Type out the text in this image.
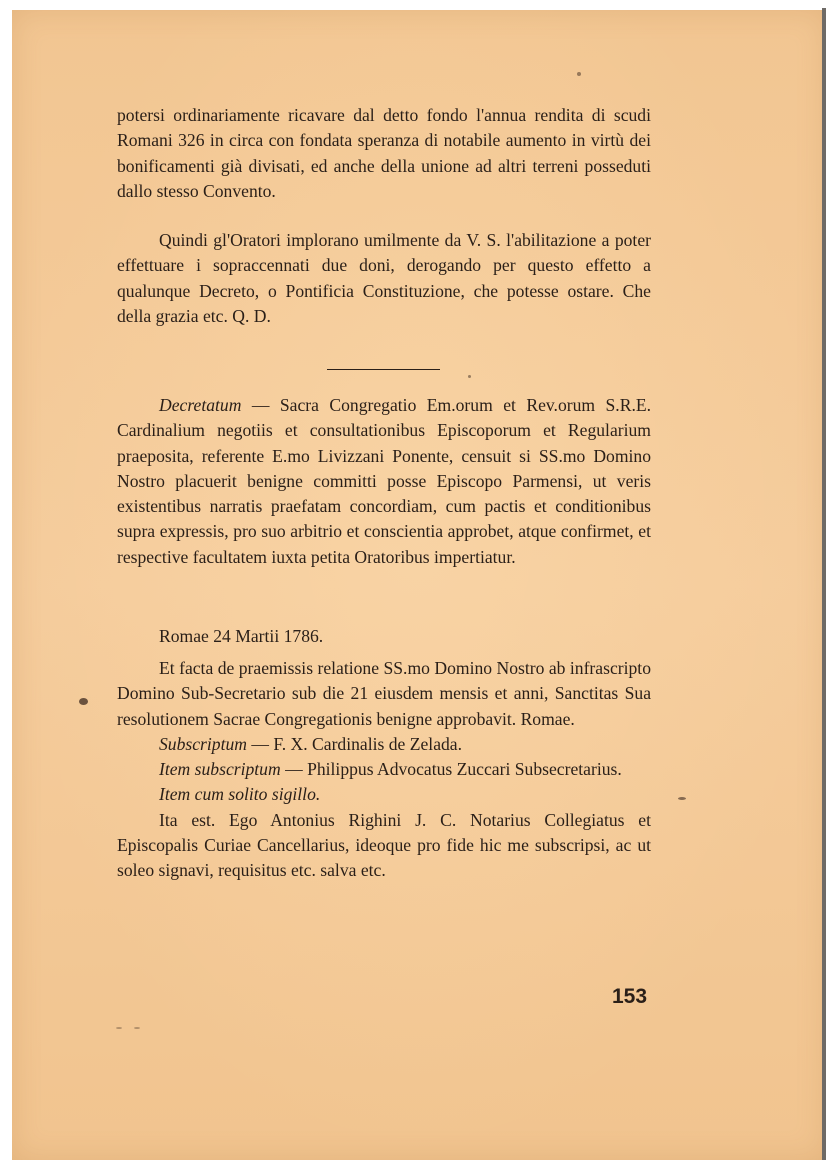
potersi ordinariamente ricavare dal detto fondo l'annua rendita di scudi Romani 326 in circa con fondata speranza di notabile aumento in virtù dei bonificamenti già divisati, ed anche della unione ad altri terreni posseduti dallo stesso Convento.

Quindi gl'Oratori implorano umilmente da V. S. l'abilitazione a poter effettuare i sopraccennati due doni, derogando per questo effetto a qualunque Decreto, o Pontificia Constituzione, che potesse ostare. Che della grazia etc. Q. D.

Decretatum — Sacra Congregatio Em.orum et Rev.orum S.R.E. Cardinalium negotiis et consultationibus Episcoporum et Regularium praeposita, referente E.mo Livizzani Ponente, censuit si SS.mo Domino Nostro placuerit benigne committi posse Episcopo Parmensi, ut veris existentibus narratis praefatam concordiam, cum pactis et conditionibus supra expressis, pro suo arbitrio et conscientia approbet, atque confirmet, et respective facultatem iuxta petita Oratoribus impertiatur.

Romae 24 Martii 1786.

Et facta de praemissis relatione SS.mo Domino Nostro ab infrascripto Domino Sub-Secretario sub die 21 eiusdem mensis et anni, Sanctitas Sua resolutionem Sacrae Congregationis benigne approbavit. Romae.

Subscriptum — F. X. Cardinalis de Zelada.

Item subscriptum — Philippus Advocatus Zuccari Subsecretarius.

Item cum solito sigillo.

Ita est. Ego Antonius Righini J. C. Notarius Collegiatus et Episcopalis Curiae Cancellarius, ideoque pro fide hic me subscripsi, ac ut soleo signavi, requisitus etc. salva etc.

153
